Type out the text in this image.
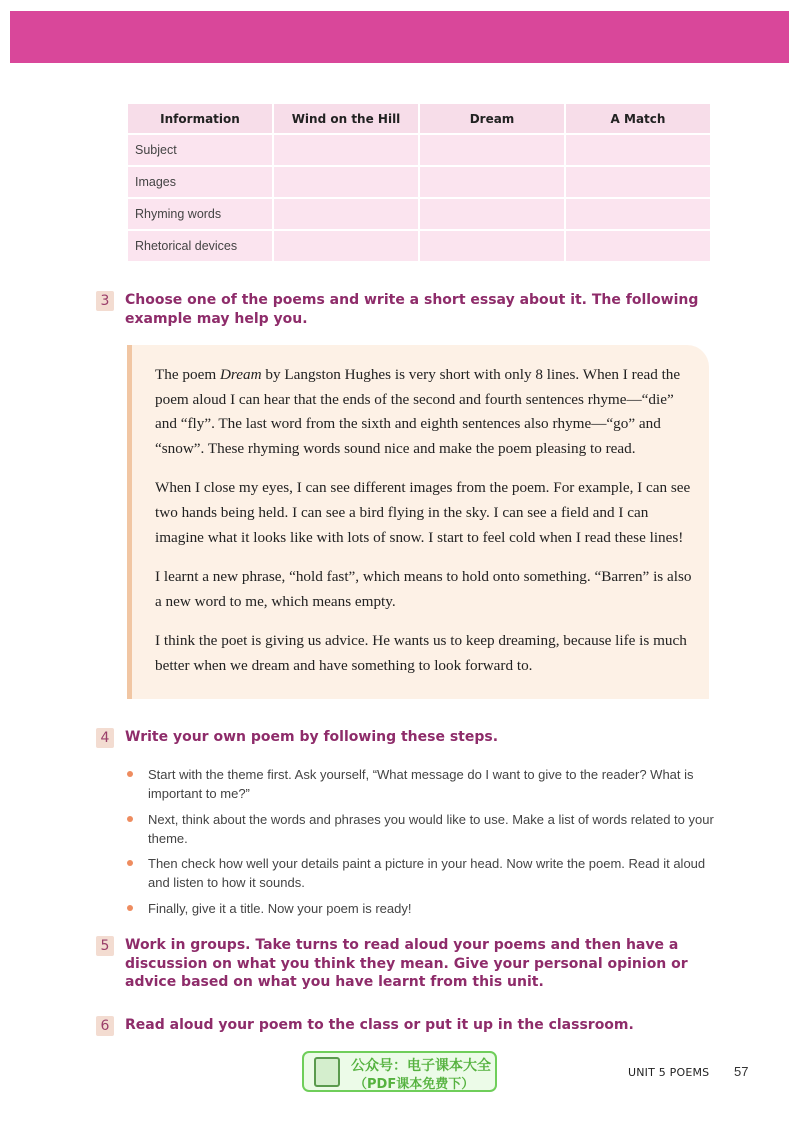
Information	Wind on the Hill	Dream	A Match
Subject			
Images			
Rhyming words			
Rhetorical devices			
3	Choose one of the poems and write a short essay about it. The following example may help you.

The poem Dream by Langston Hughes is very short with only 8 lines. When I read the poem aloud I can hear that the ends of the second and fourth sentences rhyme—“die” and “fly”. The last word from the sixth and eighth sentences also rhyme—“go” and “snow”. These rhyming words sound nice and make the poem pleasing to read.

When I close my eyes, I can see different images from the poem. For example, I can see two hands being held. I can see a bird flying in the sky. I can see a field and I can imagine what it looks like with lots of snow. I start to feel cold when I read these lines!

I learnt a new phrase, “hold fast”, which means to hold onto something. “Barren” is also a new word to me, which means empty.

I think the poet is giving us advice. He wants us to keep dreaming, because life is much better when we dream and have something to look forward to.

4	Write your own poem by following these steps.
Start with the theme first. Ask yourself, “What message do I want to give to the reader? What is important to me?”
Next, think about the words and phrases you would like to use. Make a list of words related to your theme.
Then check how well your details paint a picture in your head. Now write the poem. Read it aloud and listen to how it sounds.
Finally, give it a title. Now your poem is ready!
5	Work in groups. Take turns to read aloud your poems and then have a discussion on what you think they mean. Give your personal opinion or advice based on what you have learnt from this unit.
6	Read aloud your poem to the class or put it up in the classroom.
公众号：电子课本大全
（PDF课本免费下）
UNIT 5 POEMS 57
